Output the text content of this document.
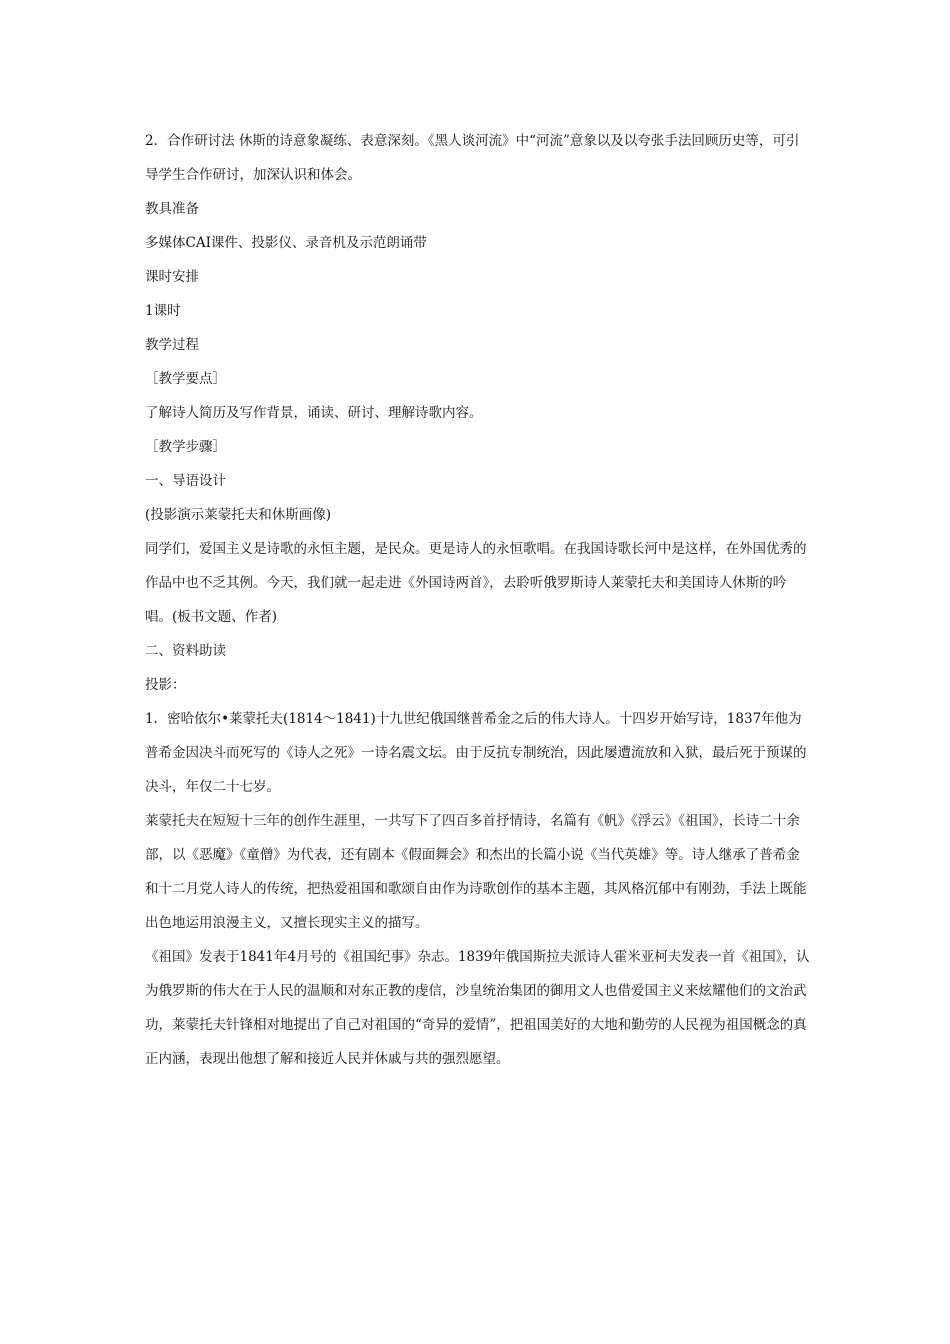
2．合作研讨法 休斯的诗意象凝练、表意深刻。《黑人谈河流》中“河流”意象以及以夸张手法回顾历史等，可引导学生合作研讨，加深认识和体会。

教具准备

多媒体CAI课件、投影仪、录音机及示范朗诵带

课时安排

1课时

教学过程

［教学要点］

了解诗人简历及写作背景，诵读、研讨、理解诗歌内容。

［教学步骤］

一、导语设计

(投影演示莱蒙托夫和休斯画像)

同学们，爱国主义是诗歌的永恒主题，是民众。更是诗人的永恒歌唱。在我国诗歌长河中是这样，在外国优秀的作品中也不乏其例。今天，我们就一起走进《外国诗两首》，去聆听俄罗斯诗人莱蒙托夫和美国诗人休斯的吟唱。(板书文题、作者)

二、资料助读

投影：

1．密哈依尔•莱蒙托夫(1814～1841)十九世纪俄国继普希金之后的伟大诗人。十四岁开始写诗，1837年他为普希金因决斗而死写的《诗人之死》一诗名震文坛。由于反抗专制统治，因此屡遭流放和入狱，最后死于预谋的决斗，年仅二十七岁。

莱蒙托夫在短短十三年的创作生涯里，一共写下了四百多首抒情诗，名篇有《帆》《浮云》《祖国》，长诗二十余部，以《恶魔》《童僧》为代表，还有剧本《假面舞会》和杰出的长篇小说《当代英雄》等。诗人继承了普希金和十二月党人诗人的传统，把热爱祖国和歌颂自由作为诗歌创作的基本主题，其风格沉郁中有刚劲，手法上既能出色地运用浪漫主义，又擅长现实主义的描写。

《祖国》发表于1841年4月号的《祖国纪事》杂志。1839年俄国斯拉夫派诗人霍米亚柯夫发表一首《祖国》，认为俄罗斯的伟大在于人民的温顺和对东正教的虔信，沙皇统治集团的御用文人也借爱国主义来炫耀他们的文治武功，莱蒙托夫针锋相对地提出了自己对祖国的“奇异的爱情”，把祖国美好的大地和勤劳的人民视为祖国概念的真正内涵，表现出他想了解和接近人民并休戚与共的强烈愿望。
